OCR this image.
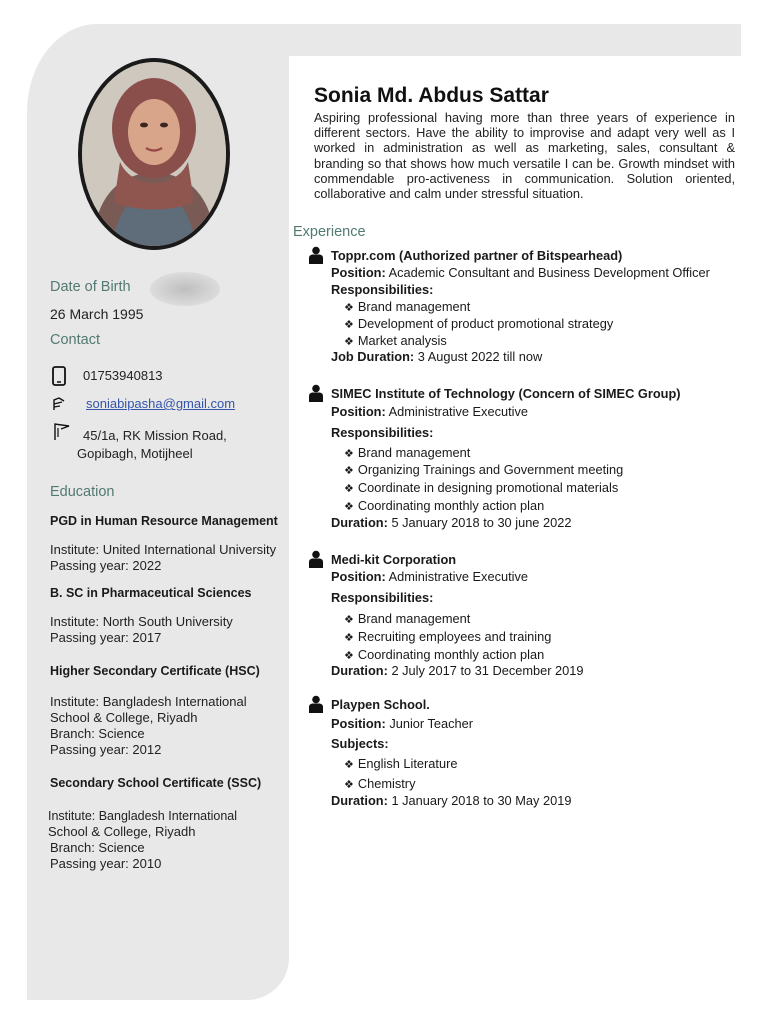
Date of Birth
26 March 1995
Contact
01753940813
soniabipasha@gmail.com
45/1a, RK Mission Road,
Gopibagh, Motijheel
Education
PGD in Human Resource Management
Institute: United International University
Passing year: 2022
B. SC in Pharmaceutical Sciences
Institute: North South University
Passing year: 2017
Higher Secondary Certificate (HSC)
Institute: Bangladesh International
School & College, Riyadh
Branch: Science
Passing year: 2012
Secondary School Certificate (SSC)
Institute: Bangladesh International
School & College, Riyadh
Branch: Science
Passing year: 2010
Sonia Md. Abdus Sattar
Aspiring professional having more than three years of experience in different sectors. Have the ability to improvise and adapt very well as I worked in administration as well as marketing, sales, consultant & branding so that shows how much versatile I can be. Growth mindset with commendable pro-activeness in communication. Solution oriented, collaborative and calm under stressful situation.
Experience
Toppr.com (Authorized partner of Bitspearhead)
Position: Academic Consultant and Business Development Officer
Responsibilities:
❖ Brand management
❖ Development of product promotional strategy
❖ Market analysis
Job Duration: 3 August 2022 till now
SIMEC Institute of Technology (Concern of SIMEC Group)
Position: Administrative Executive
Responsibilities:
❖ Brand management
❖ Organizing Trainings and Government meeting
❖ Coordinate in designing promotional materials
❖ Coordinating monthly action plan
Duration: 5 January 2018 to 30 june 2022
Medi-kit Corporation
Position: Administrative Executive
Responsibilities:
❖ Brand management
❖ Recruiting employees and training
❖ Coordinating monthly action plan
Duration: 2 July 2017 to 31 December 2019
Playpen School.
Position: Junior Teacher
Subjects:
❖ English Literature
❖ Chemistry
Duration: 1 January 2018 to 30 May 2019
